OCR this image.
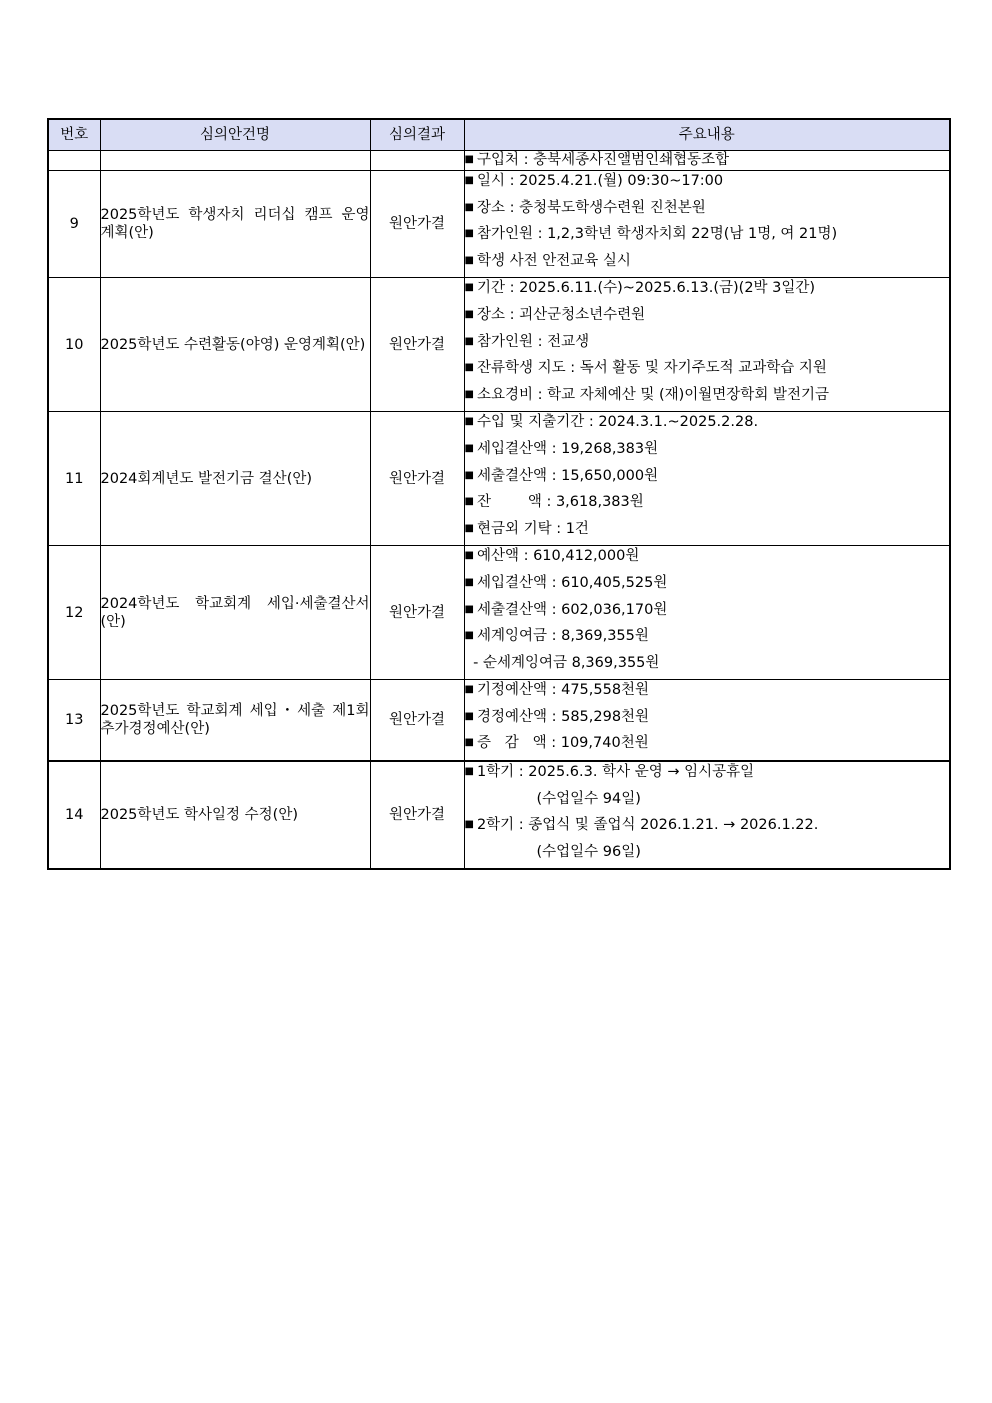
번호	심의안건명	심의결과	주요내용

			■ 구입처 : 충북세종사진앨범인쇄협동조합

9	2025학년도 학생자치 리더십 캠프 운영 계획(안)	원안가결	■ 일시 : 2025.4.21.(월) 09:30~17:00
■ 장소 : 충청북도학생수련원 진천본원
■ 참가인원 : 1,2,3학년 학생자치회 22명(남 1명, 여 21명)
■ 학생 사전 안전교육 실시

10	2025학년도 수련활동(야영) 운영계획(안)	원안가결	■ 기간 : 2025.6.11.(수)~2025.6.13.(금)(2박 3일간)
■ 장소 : 괴산군청소년수련원
■ 참가인원 : 전교생
■ 잔류학생 지도 : 독서 활동 및 자기주도적 교과학습 지원
■ 소요경비 : 학교 자체예산 및 (재)이월면장학회 발전기금

11	2024회계년도 발전기금 결산(안)	원안가결	■ 수입 및 지출기간 : 2024.3.1.~2025.2.28.
■ 세입결산액 : 19,268,383원
■ 세출결산액 : 15,650,000원
■ 잔        액 : 3,618,383원
■ 현금외 기탁 : 1건

12	2024학년도 학교회계 세입·세출결산서(안)	원안가결	■ 예산액 : 610,412,000원
■ 세입결산액 : 610,405,525원
■ 세출결산액 : 602,036,170원
■ 세계잉여금 : 8,369,355원
- 순세계잉여금 8,369,355원

13	2025학년도 학교회계 세입・세출 제1회 추가경정예산(안)	원안가결	■ 기정예산액 : 475,558천원
■ 경정예산액 : 585,298천원
■ 증   감   액 : 109,740천원

14	2025학년도 학사일정 수정(안)	원안가결	■ 1학기 : 2025.6.3. 학사 운영 → 임시공휴일
(수업일수 94일)
■ 2학기 : 종업식 및 졸업식 2026.1.21. → 2026.1.22.
(수업일수 96일)
